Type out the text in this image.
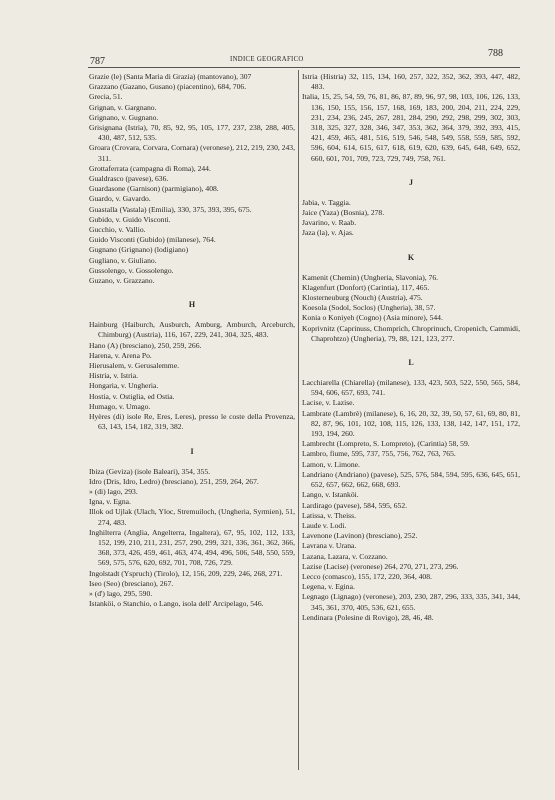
787	INDICE GEOGRAFICO
788

Grazie (le) (Santa Maria di Grazia) (mantovano), 307

Grazzano (Gazano, Gusano) (piacentino), 684, 706.

Grecia, 51.

Grignan, v. Gargnano.

Grignano, v. Gugnano.

Grisignana (Istria), 70, 85, 92, 95, 105, 177, 237, 238, 288, 405, 430, 487, 512, 535.

Groara (Crovara, Corvara, Cornara) (veronese), 212, 219, 230, 243, 311.

Grottaferrata (campagna di Roma), 244.

Gualdrasco (pavese), 636.

Guardasone (Garnison) (parmigiano), 408.

Guardo, v. Gavardo.

Guastalla (Vastala) (Emilia), 330, 375, 393, 395, 675.

Gubido, v. Guido Visconti.

Gucchio, v. Vallio.

Guido Visconti (Gubido) (milanese), 764.

Gugnano (Grignano) (lodigiano)

Gugliano, v. Giuliano.

Gussolengo, v. Gossolengo.

Guzano, v. Grazzano.

H

Hainburg (Haiburch, Ausburch, Amburg, Amburch, Arceburch, Chimburg) (Austria), 116, 167, 229, 241, 304, 325, 483.

Hano (A) (bresciano), 250, 259, 266.

Harena, v. Arena Po.

Hierusalem, v. Gerusalemme.

Histria, v. Istria.

Hongaria, v. Ungheria.

Hostia, v. Ostiglia, ed Ostia.

Humago, v. Umago.

Hyères (di) isole Re, Eres, Leres), presso le coste della Provenza, 63, 143, 154, 182, 319, 382.

I

Ibiza (Geviza) (isole Baleari), 354, 355.

Idro (Dris, Idro, Ledro) (bresciano), 251, 259, 264, 267.

» (di) lago, 293.

Igna, v. Egna.

Illok od Ujlak (Ulach, Yloc, Stremuiloch, (Ungheria, Syrmien), 51, 274, 483.

Inghilterra (Anglia, Angelterra, Ingaltera), 67, 95, 102, 112, 133, 152, 199, 210, 211, 231, 257, 290, 299, 321, 336, 361, 362, 366, 368, 373, 426, 459, 461, 463, 474, 494, 496, 506, 548, 550, 559, 569, 575, 576, 620, 692, 701, 708, 726, 729.

Ingolstadt (Yspruch) (Tirolo), 12, 156, 209, 229, 246, 268, 271.

Iseo (Seo) (bresciano), 267.

» (d') lago, 295, 590.

Istanköi, o Stanchio, o Lango, isola dell' Arcipelago, 546.

Istria (Histria) 32, 115, 134, 160, 257, 322, 352, 362, 393, 447, 482, 483.

Italia, 15, 25, 54, 59, 76, 81, 86, 87, 89, 96, 97, 98, 103, 106, 126, 133, 136, 150, 155, 156, 157, 168, 169, 183, 200, 204, 211, 224, 229, 231, 234, 236, 245, 267, 281, 284, 290, 292, 298, 299, 302, 303, 318, 325, 327, 328, 346, 347, 353, 362, 364, 379, 392, 393, 415, 421, 459, 465, 481, 516, 519, 546, 548, 549, 558, 559, 585, 592, 596, 604, 614, 615, 617, 618, 619, 620, 639, 645, 648, 649, 652, 660, 601, 701, 709, 723, 729, 749, 758, 761.

J

Jabia, v. Taggia.

Jaice (Yaza) (Bosnia), 278.

Javarino, v. Raab.

Jaza (la), v. Ajas.

K

Kamenit (Chemin) (Ungheria, Slavonia), 76.

Klagenfurt (Donfort) (Carintia), 117, 465.

Klosterneuburg (Nouch) (Austria), 475.

Koesola (Sodol, Soclos) (Ungheria), 38, 57.

Konia o Koniyeh (Cogno) (Asia minore), 544.

Koprivnitz (Caprinuss, Chomprich, Chroprinuch, Cropenich, Cammidi, Chaprohtzo) (Ungheria), 79, 88, 121, 123, 277.

L

Lacchiarella (Chiarella) (milanese), 133, 423, 503, 522, 550, 565, 584, 594, 606, 657, 693, 741.

Lacise, v. Lazise.

Lambrate (Lambrè) (milanese), 6, 16, 20, 32, 39, 50, 57, 61, 69, 80, 81, 82, 87, 96, 101, 102, 108, 115, 126, 133, 138, 142, 147, 151, 172, 193, 194, 260.

Lambrecht (Lompreto, S. Lompreto), (Carintia) 58, 59.

Lambro, fiume, 595, 737, 755, 756, 762, 763, 765.

Lamon, v. Limone.

Landriano (Andriano) (pavese), 525, 576, 584, 594, 595, 636, 645, 651, 652, 657, 662, 662, 668, 693.

Lango, v. Istanköi.

Lardirago (pavese), 584, 595, 652.

Latissa, v. Theiss.

Laude v. Lodi.

Lavenone (Lavinon) (bresciano), 252.

Lavrana v. Urana.

Lazana, Lazara, v. Cozzano.

Lazise (Lacise) (veronese) 264, 270, 271, 273, 296.

Lecco (comasco), 155, 172, 220, 364, 408.

Legena, v. Egina.

Legnago (Lignago) (veronese), 203, 230, 287, 296, 333, 335, 341, 344, 345, 361, 370, 405, 536, 621, 655.

Lendinara (Polesine di Rovigo), 28, 46, 48.
